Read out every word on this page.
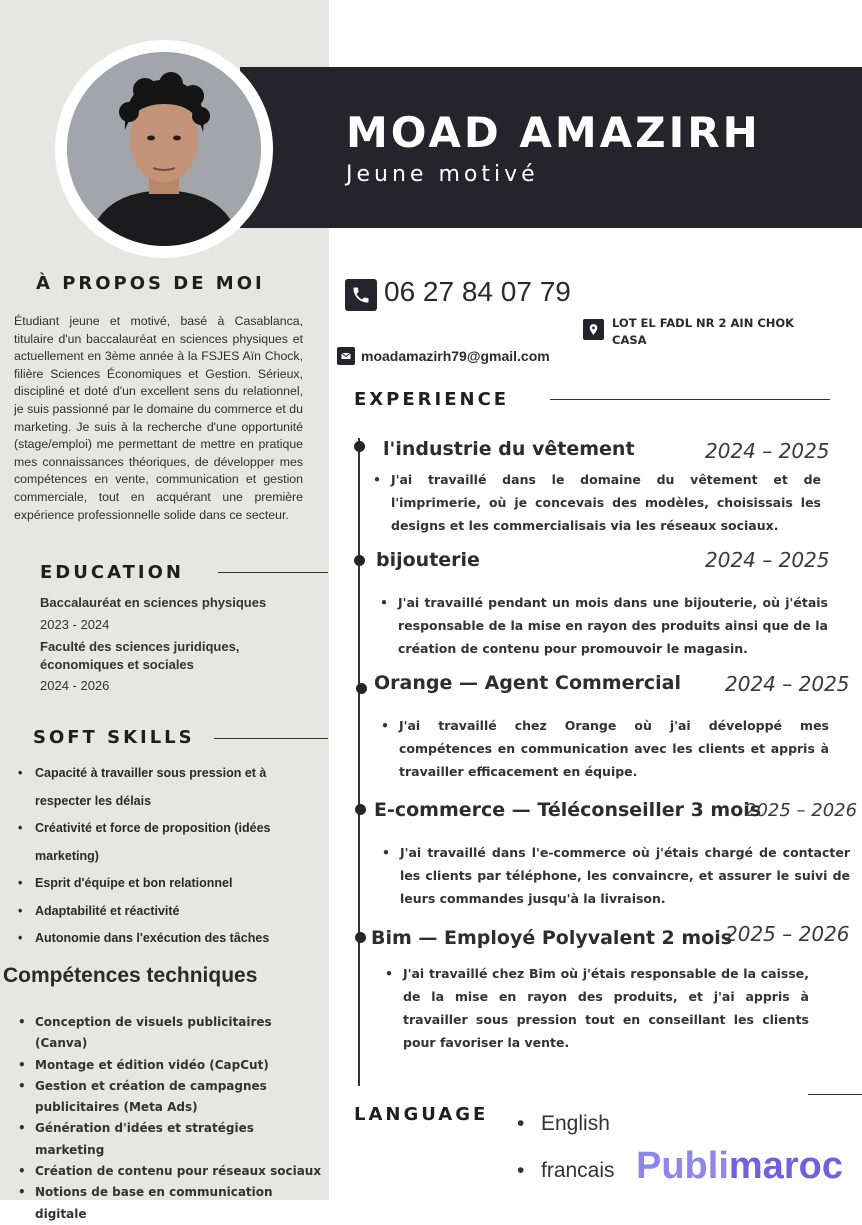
MOAD AMAZIRH
Jeune motivé
À PROPOS DE MOI
Étudiant jeune et motivé, basé à Casablanca, titulaire d'un baccalauréat en sciences physiques et actuellement en 3ème année à la FSJES Aïn Chock, filière Sciences Économiques et Gestion. Sérieux, discipliné et doté d'un excellent sens du relationnel, je suis passionné par le domaine du commerce et du marketing. Je suis à la recherche d'une opportunité (stage/emploi) me permettant de mettre en pratique mes connaissances théoriques, de développer mes compétences en vente, communication et gestion commerciale, tout en acquérant une première expérience professionnelle solide dans ce secteur.
EDUCATION
Baccalauréat en sciences physiques
2023 - 2024
Faculté des sciences juridiques,
économiques et sociales
2024 - 2026
SOFT SKILLS
• Capacité à travailler sous pression et à
respecter les délais
• Créativité et force de proposition (idées
marketing)
• Esprit d'équipe et bon relationnel
• Adaptabilité et réactivité
• Autonomie dans l'exécution des tâches
Compétences techniques
• Conception de visuels publicitaires (Canva)
• Montage et édition vidéo (CapCut)
• Gestion et création de campagnes publicitaires (Meta Ads)
• Génération d'idées et stratégies marketing
• Création de contenu pour réseaux sociaux
• Notions de base en communication digitale
06 27 84 07 79
LOT EL FADL NR 2 AIN CHOK CASA
moadamazirh79@gmail.com
EXPERIENCE
l'industrie du vêtement	2024 – 2025
• J'ai travaillé dans le domaine du vêtement et de l'imprimerie, où je concevais des modèles, choisissais les designs et les commercialisais via les réseaux sociaux.
bijouterie	2024 – 2025
• J'ai travaillé pendant un mois dans une bijouterie, où j'étais responsable de la mise en rayon des produits ainsi que de la création de contenu pour promouvoir le magasin.
Orange — Agent Commercial 2024 – 2025
• J'ai travaillé chez Orange où j'ai développé mes compétences en communication avec les clients et appris à travailler efficacement en équipe.
E-commerce — Téléconseiller 3 mois
2025 – 2026
• J'ai travaillé dans l'e-commerce où j'étais chargé de contacter les clients par téléphone, les convaincre, et assurer le suivi de leurs commandes jusqu'à la livraison.
Bim — Employé Polyvalent 2 mois
2025 – 2026
• J'ai travaillé chez Bim où j'étais responsable de la caisse, de la mise en rayon des produits, et j'ai appris à travailler sous pression tout en conseillant les clients pour favoriser la vente.
LANGUAGE
•	English
• francais Publimaroc
